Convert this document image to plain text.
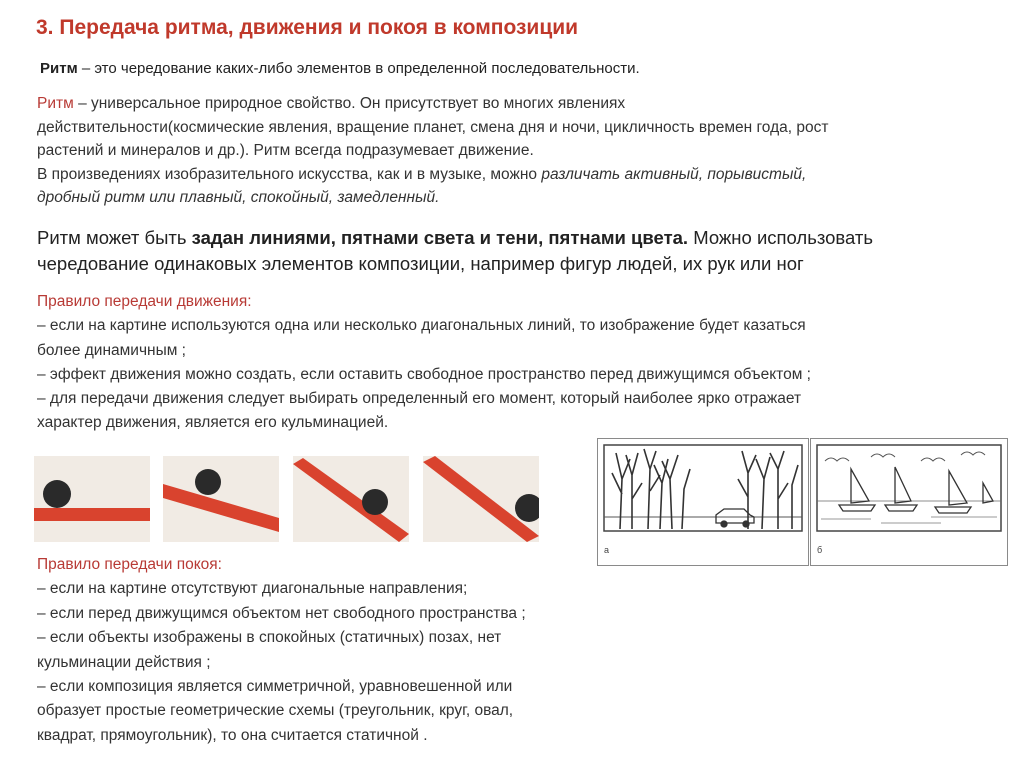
3. Передача ритма, движения и покоя в композиции
Ритм – это чередование каких-либо элементов в определенной последовательности.
Ритм – универсальное природное свойство. Он присутствует во многих явлениях
действительности(космические явления, вращение планет, смена дня и ночи, цикличность времен года, рост
растений и минералов и др.). Ритм всегда подразумевает движение.
В произведениях изобразительного искусства, как и в музыке, можно различать активный, порывистый,
дробный ритм или плавный, спокойный, замедленный.
Ритм может быть задан линиями, пятнами света и тени, пятнами цвета. Можно использовать
чередование одинаковых элементов композиции, например фигур людей, их рук или ног
Правило передачи движения:
– если на картине используются одна или несколько диагональных линий, то изображение будет казаться
более динамичным ;
– эффект движения можно создать, если оставить свободное пространство перед движущимся объектом ;
– для передачи движения следует выбирать определенный его момент, который наиболее ярко отражает
характер движения, является его кульминацией.
а	б
Правило передачи покоя:
– если на картине отсутствуют диагональные направления;
– если перед движущимся объектом нет свободного пространства ;
– если объекты изображены в спокойных (статичных) позах, нет
кульминации действия ;
– если композиция является симметричной, уравновешенной или
образует простые геометрические схемы (треугольник, круг, овал,
квадрат, прямоугольник), то она считается статичной .
